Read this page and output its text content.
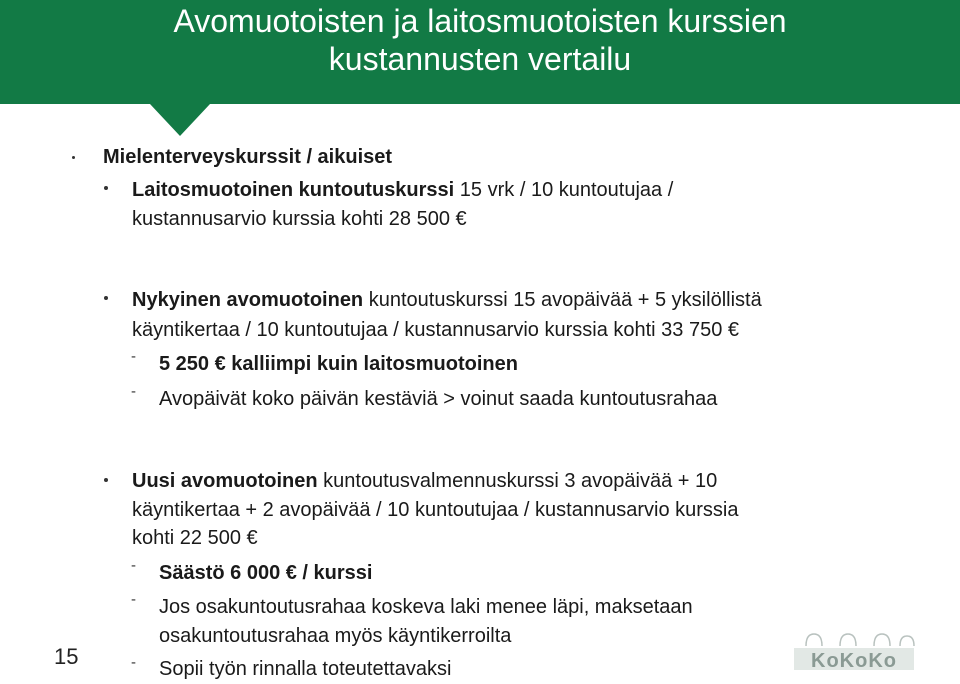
Avomuotoisten ja laitosmuotoisten kurssien
kustannusten vertailu
Mielenterveyskurssit / aikuiset
Laitosmuotoinen kuntoutuskurssi 15 vrk / 10 kuntoutujaa /
kustannusarvio kurssia kohti 28 500 €
Nykyinen avomuotoinen kuntoutuskurssi 15 avopäivää + 5 yksilöllistä
käyntikertaa / 10 kuntoutujaa / kustannusarvio kurssia kohti 33 750 €
- 5 250 € kalliimpi kuin laitosmuotoinen
- Avopäivät koko päivän kestäviä > voinut saada kuntoutusrahaa
Uusi avomuotoinen kuntoutusvalmennuskurssi 3 avopäivää + 10
käyntikertaa + 2 avopäivää / 10 kuntoutujaa / kustannusarvio kurssia
kohti 22 500 €
- Säästö 6 000 € / kurssi
- Jos osakuntoutusrahaa koskeva laki menee läpi, maksetaan
osakuntoutusrahaa myös käyntikerroilta
- Sopii työn rinnalla toteutettavaksi
15	KoKoKo
